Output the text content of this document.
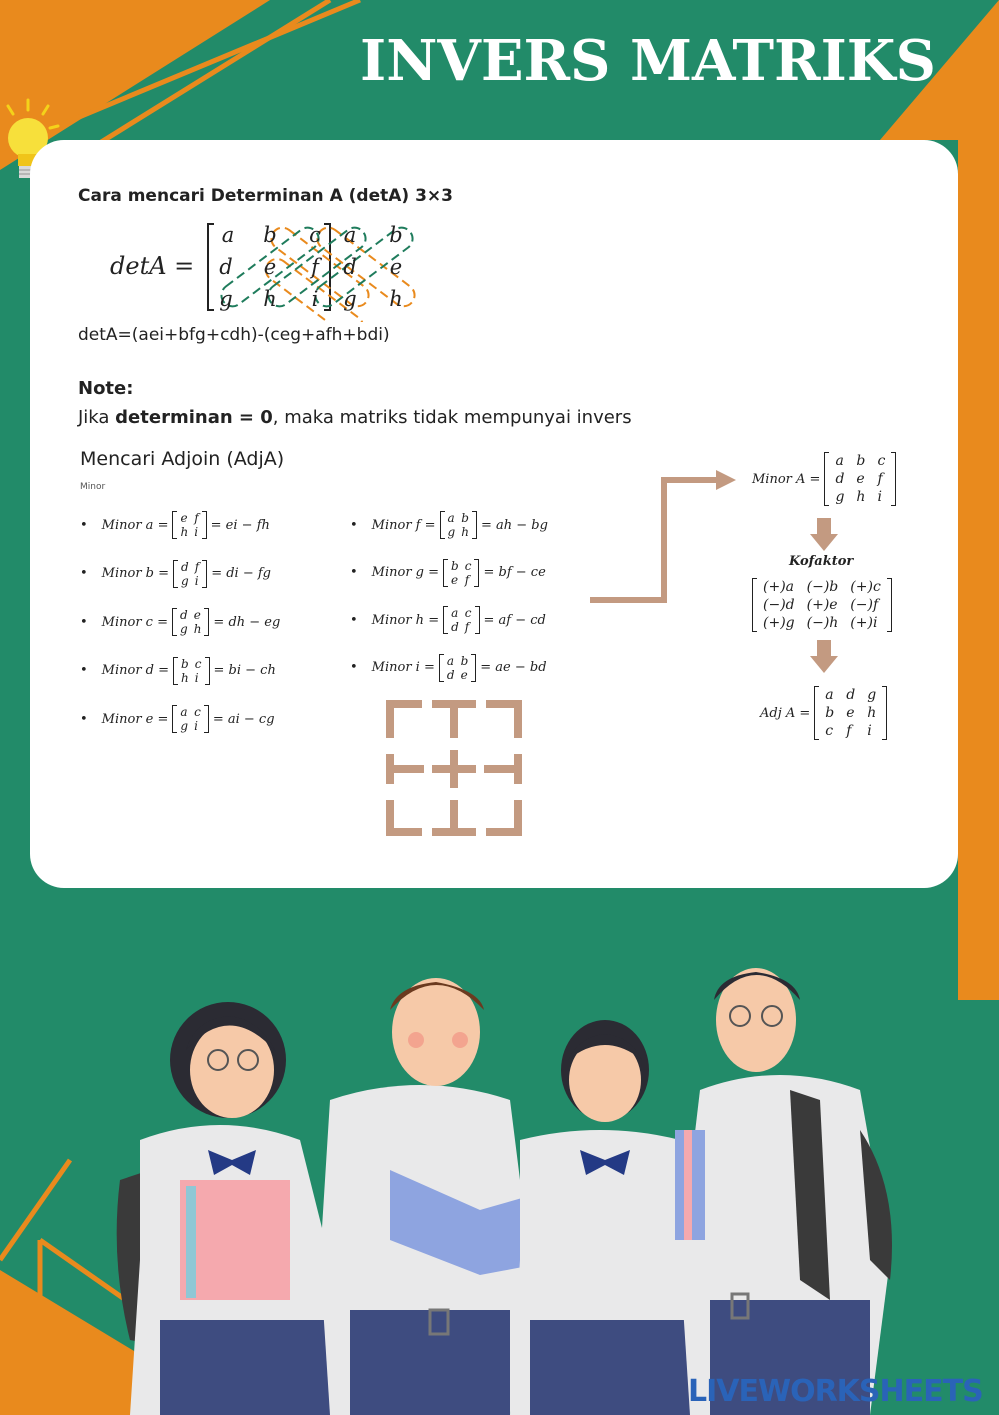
INVERS MATRIKS
Cara mencari Determinan A (detA) 3×3
detA =
a b c a b
d e f d e
g h i g h
detA=(aei+bfg+cdh)-(ceg+afh+bdi)
Note:
Jika determinan = 0, maka matriks tidak mempunyai invers
Mencari Adjoin (AdjA)
Minor
• Minor a = e	f
h	i = ei − fh
• Minor b = d	f
g	i = di − fg
• Minor c = d	e
g	h = dh − eg
• Minor d = b	c
h	i = bi − ch
• Minor e = a	c
g	i = ai − cg
• Minor f = a	b
g	h = ah − bg
• Minor g = b	c
e	f = bf − ce
• Minor h = a	c
d	f = af − cd
• Minor i = a	b
d	e = ae − bd
Minor A =
a	b	c
d	e	f
g	h	i
Kofaktor
(+)a	(−)b	(+)c
(−)d	(+)e	(−)f
(+)g	(−)h	(+)i
Adj A =
a	d	g
b	e	h
c	f	i
LIVEWORKSHEETS
